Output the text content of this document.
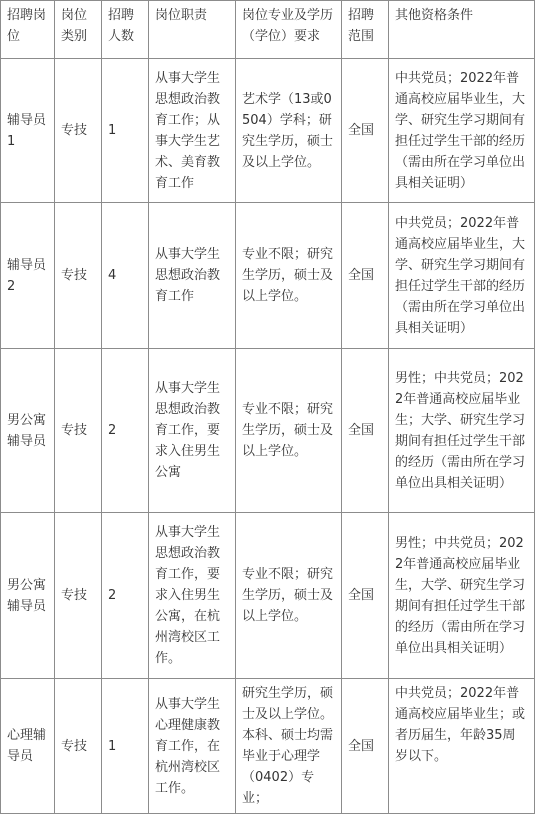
招聘岗位	岗位类别	招聘人数	岗位职责	岗位专业及学历（学位）要求	招聘范围	其他资格条件
辅导员1	专技	1	从事大学生思想政治教育工作；从事大学生艺术、美育教育工作	艺术学（13或0504）学科；研究生学历，硕士及以上学位。	全国	中共党员；2022年普通高校应届毕业生，大学、研究生学习期间有担任过学生干部的经历（需由所在学习单位出具相关证明）
辅导员2	专技	4	从事大学生思想政治教育工作	专业不限；研究生学历，硕士及以上学位。	全国	中共党员；2022年普通高校应届毕业生，大学、研究生学习期间有担任过学生干部的经历（需由所在学习单位出具相关证明）
男公寓辅导员	专技	2	从事大学生思想政治教育工作，要求入住男生公寓	专业不限；研究生学历，硕士及以上学位。	全国	男性；中共党员；2022年普通高校应届毕业生；大学、研究生学习期间有担任过学生干部的经历（需由所在学习单位出具相关证明）
男公寓辅导员	专技	2	从事大学生思想政治教育工作，要求入住男生公寓，在杭州湾校区工作。	专业不限；研究生学历，硕士及以上学位。	全国	男性；中共党员；2022年普通高校应届毕业生，大学、研究生学习期间有担任过学生干部的经历（需由所在学习单位出具相关证明）
心理辅导员	专技	1	从事大学生心理健康教育工作，在杭州湾校区工作。	研究生学历，硕士及以上学位。本科、硕士均需毕业于心理学（0402）专业；	全国	中共党员；2022年普通高校应届毕业生；或者历届生，年龄35周岁以下。
